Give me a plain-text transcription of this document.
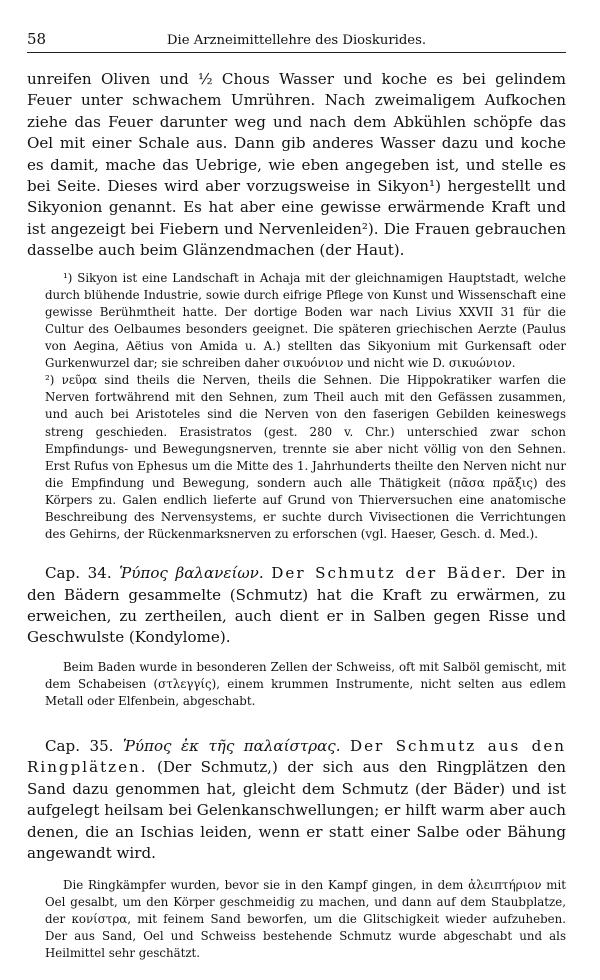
58	Die Arzneimittellehre des Dioskurides.

unreifen Oliven und ½ Chous Wasser und koche es bei gelindem Feuer unter schwachem Umrühren. Nach zweimaligem Aufkochen ziehe das Feuer darunter weg und nach dem Abkühlen schöpfe das Oel mit einer Schale aus. Dann gib anderes Wasser dazu und koche es damit, mache das Uebrige, wie eben angegeben ist, und stelle es bei Seite. Dieses wird aber vorzugsweise in Sikyon¹) hergestellt und Sikyonion genannt. Es hat aber eine gewisse erwärmende Kraft und ist angezeigt bei Fiebern und Nervenleiden²). Die Frauen gebrauchen dasselbe auch beim Glänzendmachen (der Haut).

¹) Sikyon ist eine Landschaft in Achaja mit der gleichnamigen Hauptstadt, welche durch blühende Industrie, sowie durch eifrige Pflege von Kunst und Wissenschaft eine gewisse Berühmtheit hatte. Der dortige Boden war nach Livius XXVII 31 für die Cultur des Oelbaumes besonders geeignet. Die späteren griechischen Aerzte (Paulus von Aegina, Aëtius von Amida u. A.) stellten das Sikyonium mit Gurkensaft oder Gurkenwurzel dar; sie schreiben daher σικυόνιον und nicht wie D. σικυώνιον.

²) νεῦρα sind theils die Nerven, theils die Sehnen. Die Hippokratiker warfen die Nerven fortwährend mit den Sehnen, zum Theil auch mit den Gefässen zusammen, und auch bei Aristoteles sind die Nerven von den faserigen Gebilden keineswegs streng geschieden. Erasistratos (gest. 280 v. Chr.) unterschied zwar schon Empfindungs- und Bewegungsnerven, trennte sie aber nicht völlig von den Sehnen. Erst Rufus von Ephesus um die Mitte des 1. Jahrhunderts theilte den Nerven nicht nur die Empfindung und Bewegung, sondern auch alle Thätigkeit (πᾶσα πρᾶξις) des Körpers zu. Galen endlich lieferte auf Grund von Thierversuchen eine anatomische Beschreibung des Nervensystems, er suchte durch Vivisectionen die Verrichtungen des Gehirns, der Rückenmarksnerven zu erforschen (vgl. Haeser, Gesch. d. Med.).

Cap. 34. Ῥύπος βαλανείων. Der Schmutz der Bäder. Der in den Bädern gesammelte (Schmutz) hat die Kraft zu erwärmen, zu erweichen, zu zertheilen, auch dient er in Salben gegen Risse und Geschwulste (Kondylome).

Beim Baden wurde in besonderen Zellen der Schweiss, oft mit Salböl gemischt, mit dem Schabeisen (στλεγγίς), einem krummen Instrumente, nicht selten aus edlem Metall oder Elfenbein, abgeschabt.

Cap. 35. Ῥύπος ἐκ τῆς παλαίστρας. Der Schmutz aus den Ringplätzen. (Der Schmutz,) der sich aus den Ringplätzen den Sand dazu genommen hat, gleicht dem Schmutz (der Bäder) und ist aufgelegt heilsam bei Gelenkanschwellungen; er hilft warm aber auch denen, die an Ischias leiden, wenn er statt einer Salbe oder Bähung angewandt wird.

Die Ringkämpfer wurden, bevor sie in den Kampf gingen, in dem ἀλειπτήριον mit Oel gesalbt, um den Körper geschmeidig zu machen, und dann auf dem Staubplatze, der κονίστρα, mit feinem Sand beworfen, um die Glitschigkeit wieder aufzuheben. Der aus Sand, Oel und Schweiss bestehende Schmutz wurde abgeschabt und als Heilmittel sehr geschätzt.
